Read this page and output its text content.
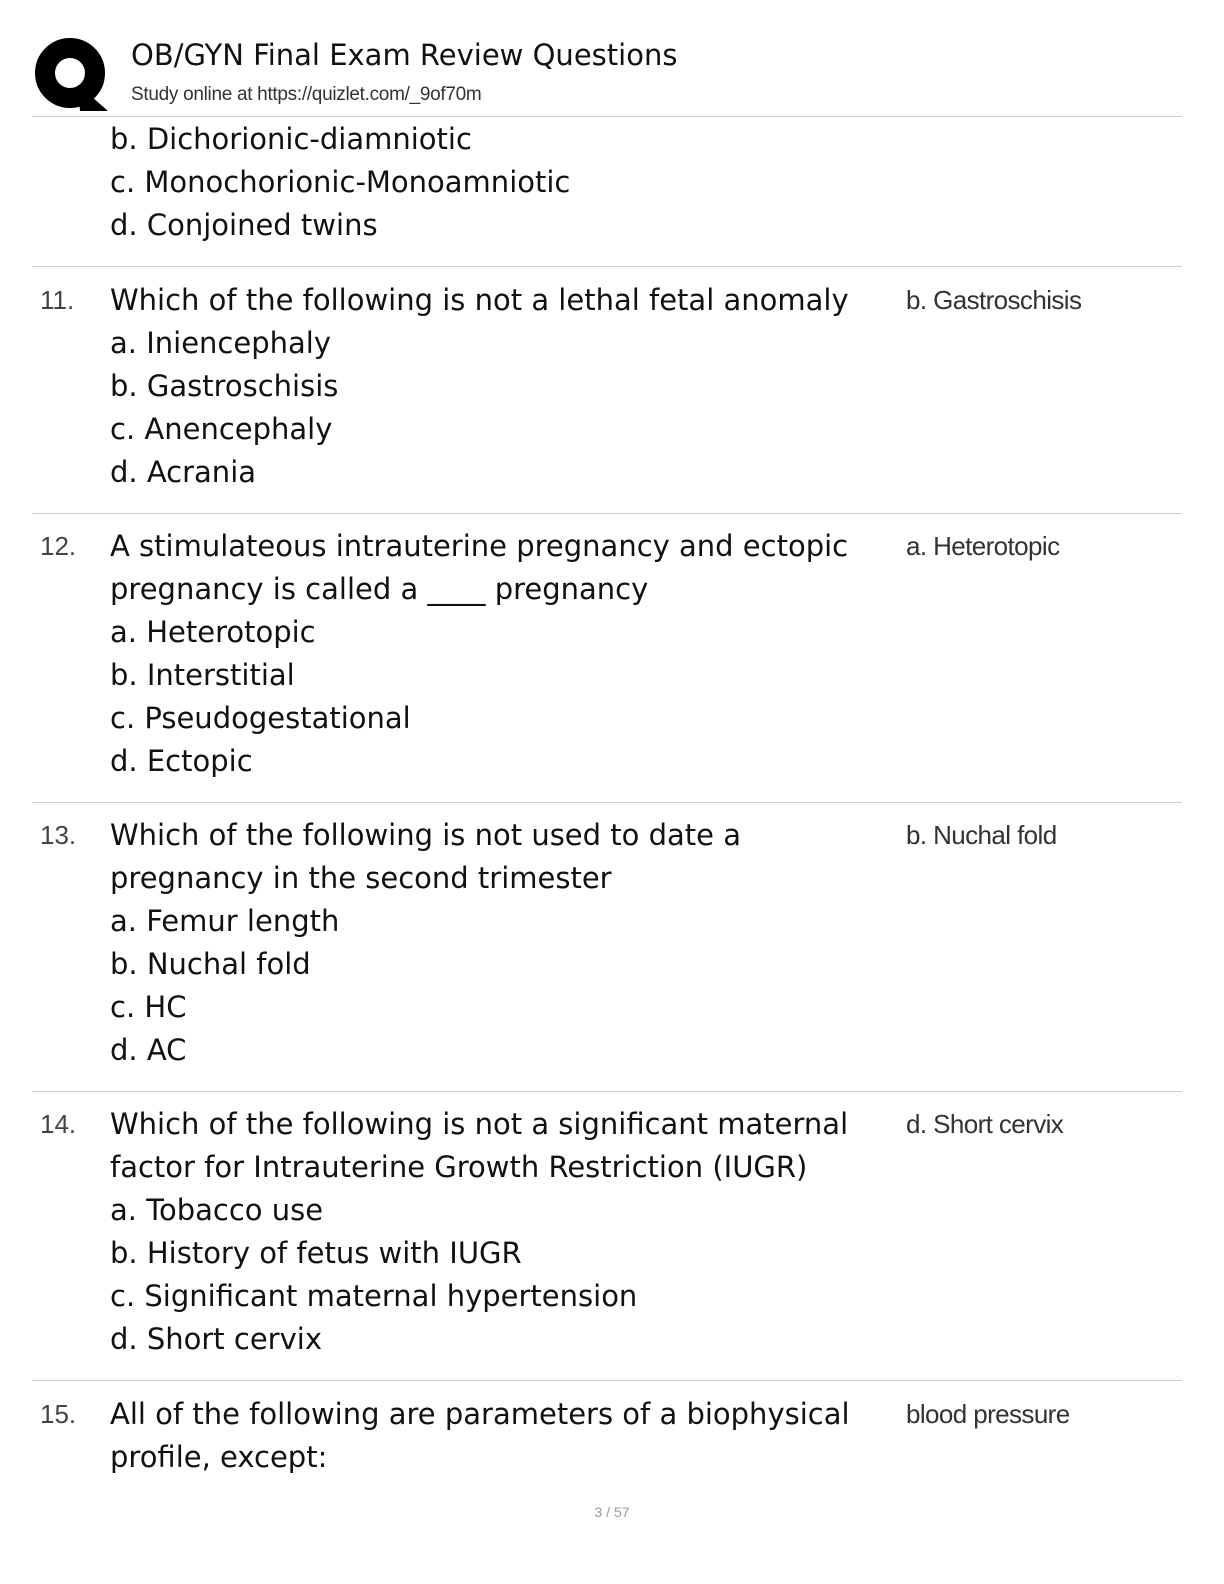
OB/GYN Final Exam Review Questions
Study online at https://quizlet.com/_9of70m
b. Dichorionic-diamniotic
c. Monochorionic-Monoamniotic
d. Conjoined twins
11. Which of the following is not a lethal fetal anomaly	b. Gastroschisis
a. Iniencephaly
b. Gastroschisis
c. Anencephaly
d. Acrania
12. A stimulateous intrauterine pregnancy and ectopic pregnancy is called a ____ pregnancy
a. Heterotopic
a. Heterotopic
b. Interstitial
c. Pseudogestational
d. Ectopic
13. Which of the following is not used to date a pregnancy in the second trimester
b. Nuchal fold
a. Femur length
b. Nuchal fold
c. HC
d. AC
14. Which of the following is not a significant maternal factor for Intrauterine Growth Restriction (IUGR)
d. Short cervix
a. Tobacco use
b. History of fetus with IUGR
c. Significant maternal hypertension
d. Short cervix
15. All of the following are parameters of a biophysical profile, except:
blood pressure
3 / 57
